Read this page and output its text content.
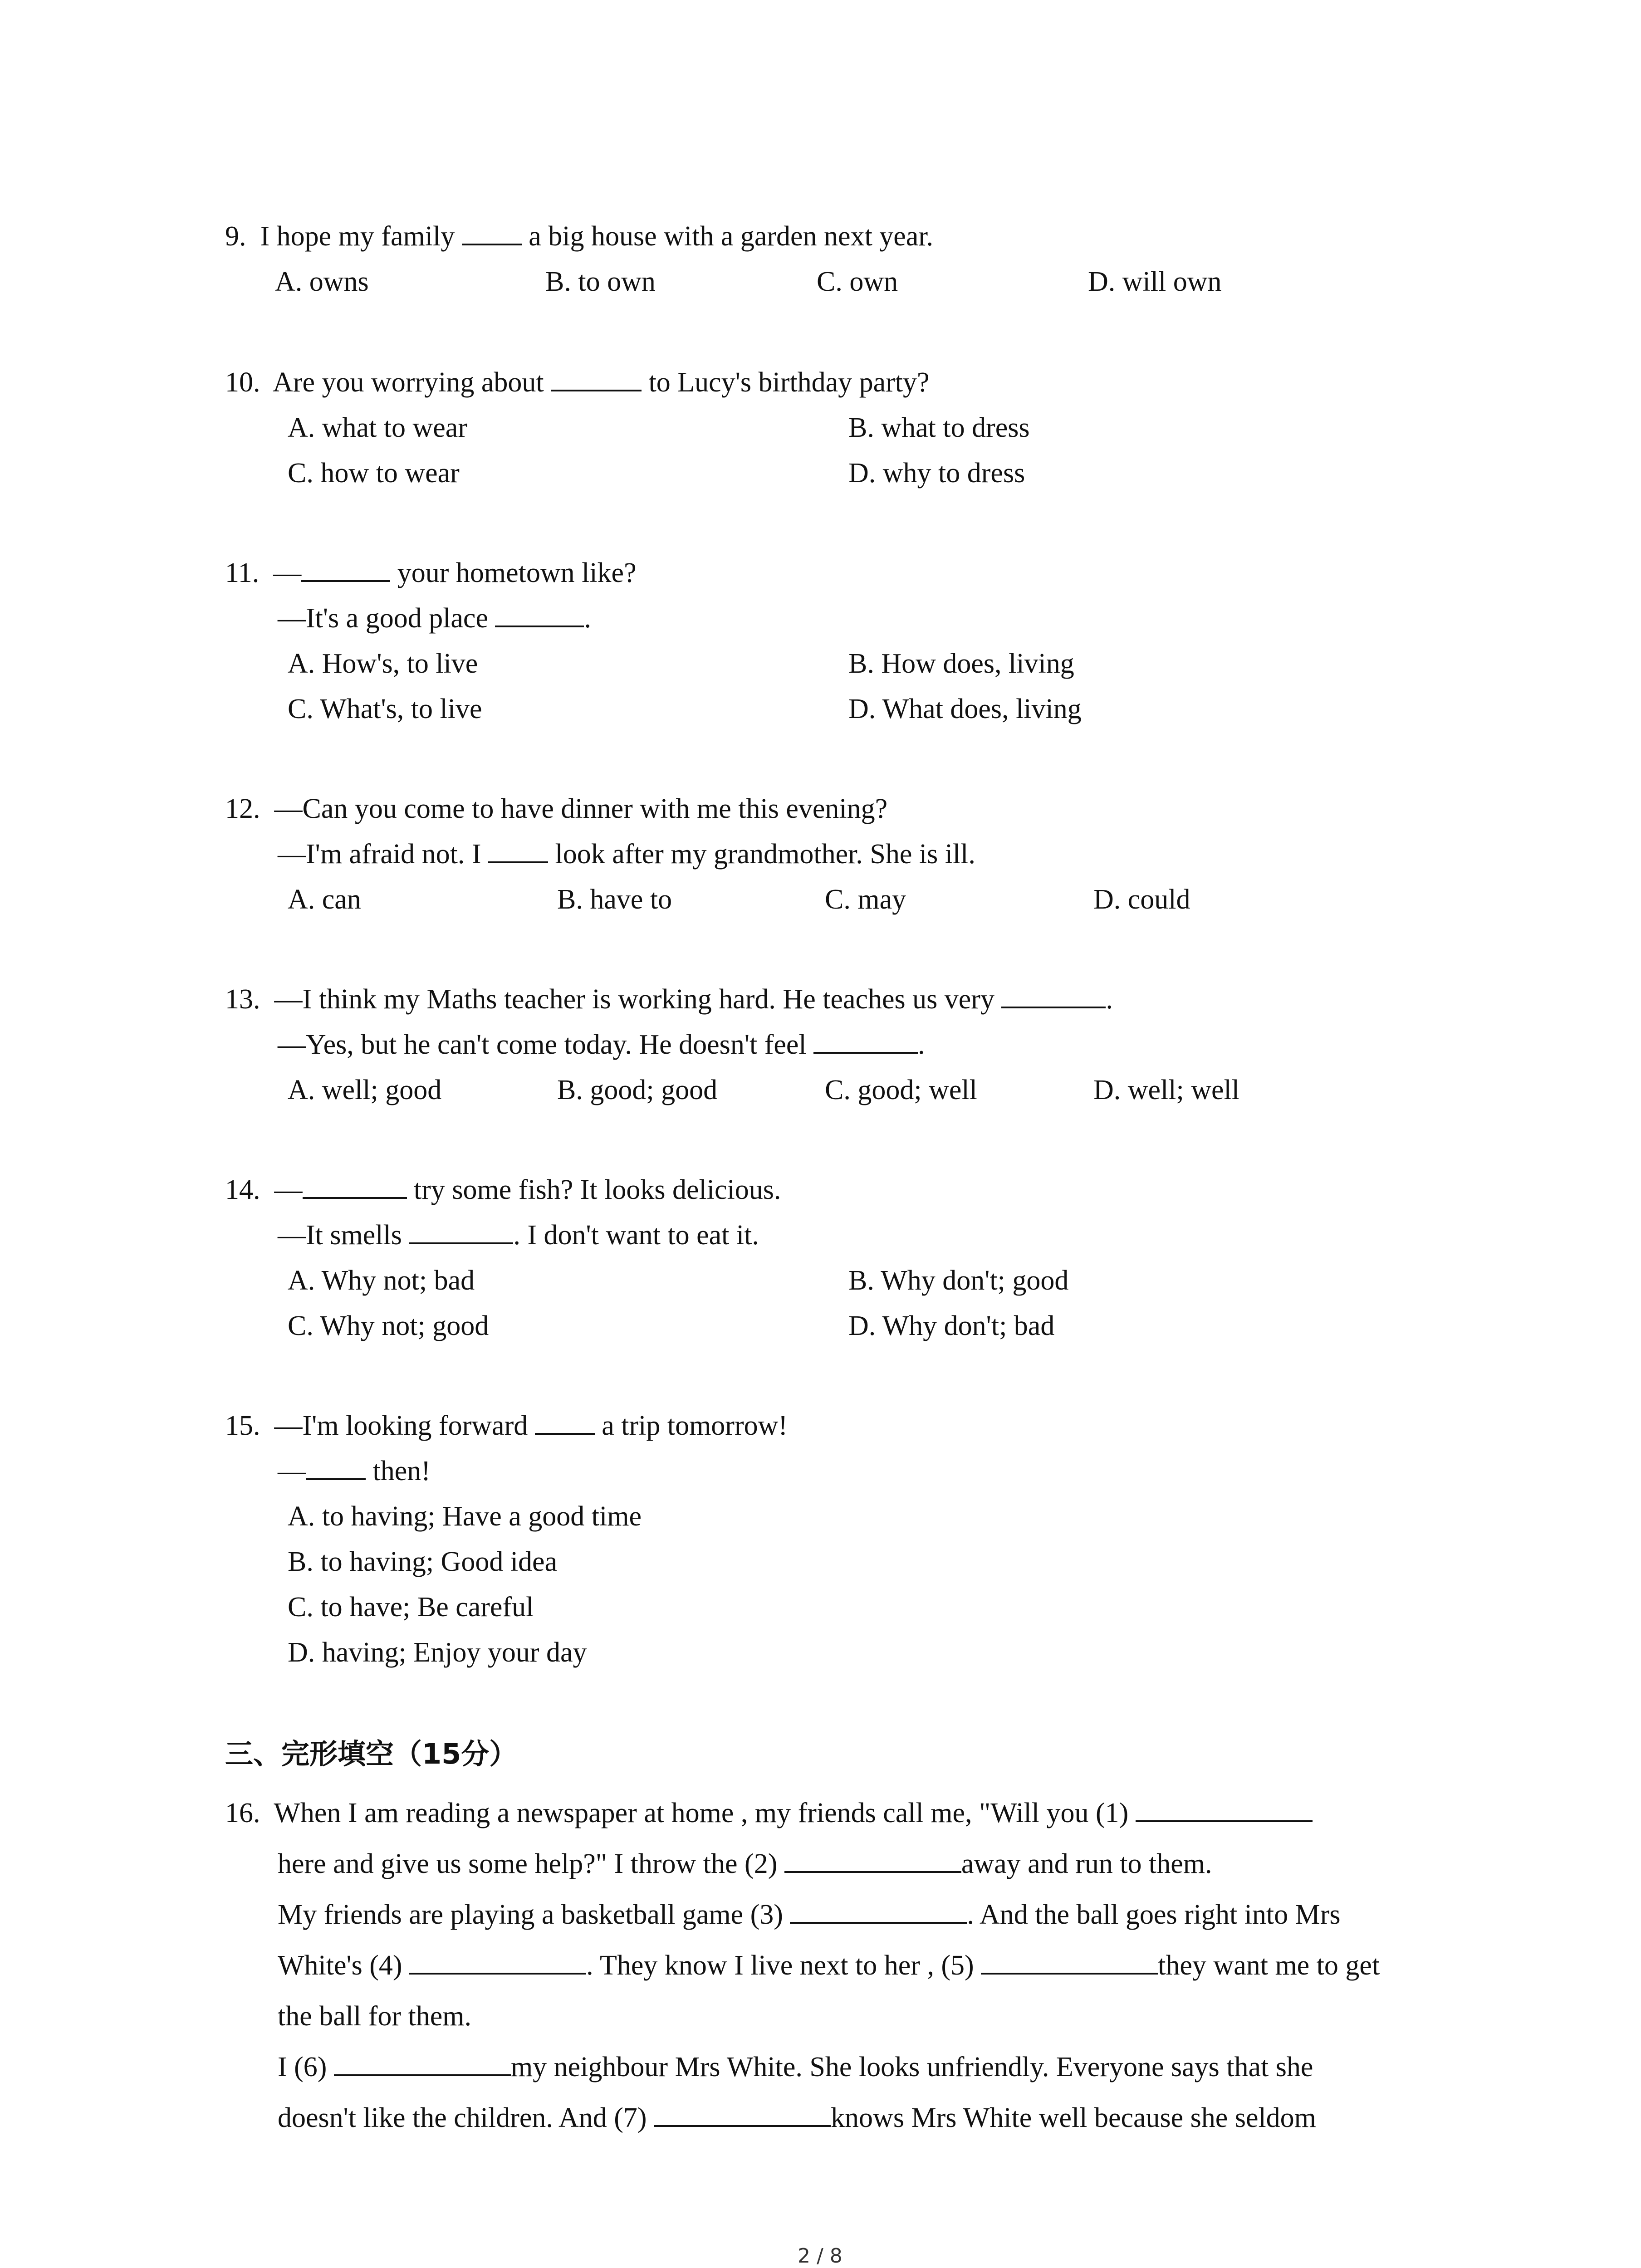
9. I hope my family  a big house with a garden next year.
A. owns	B. to own	C. own	D. will own
10. Are you worrying about	to Lucy's birthday party?
A. what to wear	B. what to dress
C. how to wear	D. why to dress
11. —	your hometown like?
—It's a good place	.
A. How's, to live	B. How does, living
C. What's, to live	D. What does, living
12. —Can you come to have dinner with me this evening?
—I'm afraid not. I  look after my grandmother. She is ill.
A. can	B. have to	C. may	D. could
13. —I think my Maths teacher is working hard. He teaches us very	.
—Yes, but he can't come today. He doesn't feel	.
A. well; good	B. good; good	C. good; well	D. well; well
14. —	try some fish? It looks delicious.
—It smells	. I don't want to eat it.
A. Why not; bad	B. Why don't; good
C. Why not; good	D. Why don't; bad
15. —I'm looking forward  a trip tomorrow!
— then!
A. to having; Have a good time
B. to having; Good idea
C. to have; Be careful
D. having; Enjoy your day
三、完形填空（15分）
16. When I am reading a newspaper at home , my friends call me, "Will you (1)
here and give us some help?" I throw the (2)	away and run to them.
My friends are playing a basketball game (3)	. And the ball goes right into Mrs
White's (4)	. They know I live next to her , (5)	they want me to get
the ball for them.
I (6)	my neighbour Mrs White. She looks unfriendly. Everyone says that she
doesn't like the children. And (7)	knows Mrs White well because she seldom
2 / 8
